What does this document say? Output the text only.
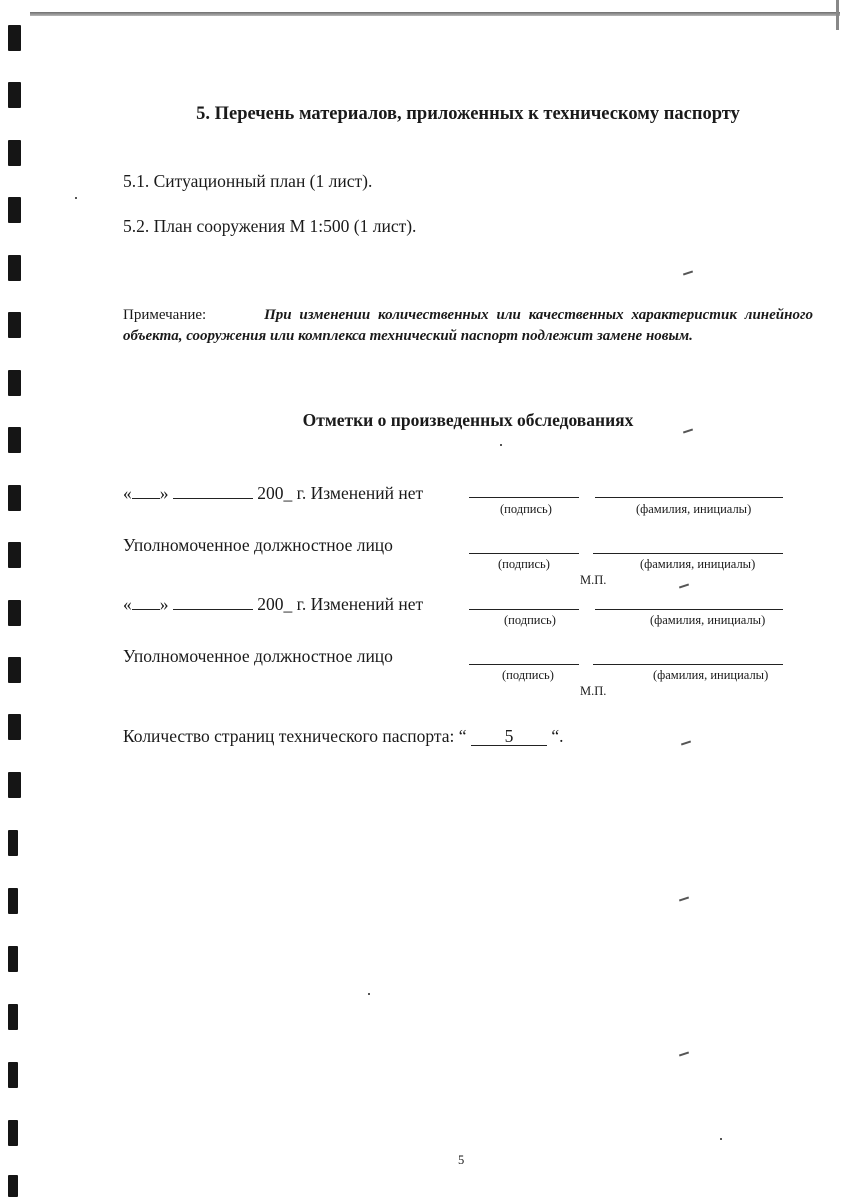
5. Перечень материалов, приложенных к техническому паспорту
5.1. Ситуационный план (1 лист).
5.2. План сооружения М 1:500 (1 лист).
Примечание:	При изменении количественных или качественных характеристик линейного объекта, сооружения или комплекса технический паспорт подлежит замене новым.
Отметки о произведенных обследованиях
« »	200_ г. Изменений нет
(подпись)	(фамилия, инициалы)
Уполномоченное должностное лицо
(подпись)	(фамилия, инициалы)
М.П.
« »	200_ г. Изменений нет
(подпись)	(фамилия, инициалы)
Уполномоченное должностное лицо
(подпись)	(фамилия, инициалы)
М.П.
Количество страниц технического паспорта: “ 5 “.
5
